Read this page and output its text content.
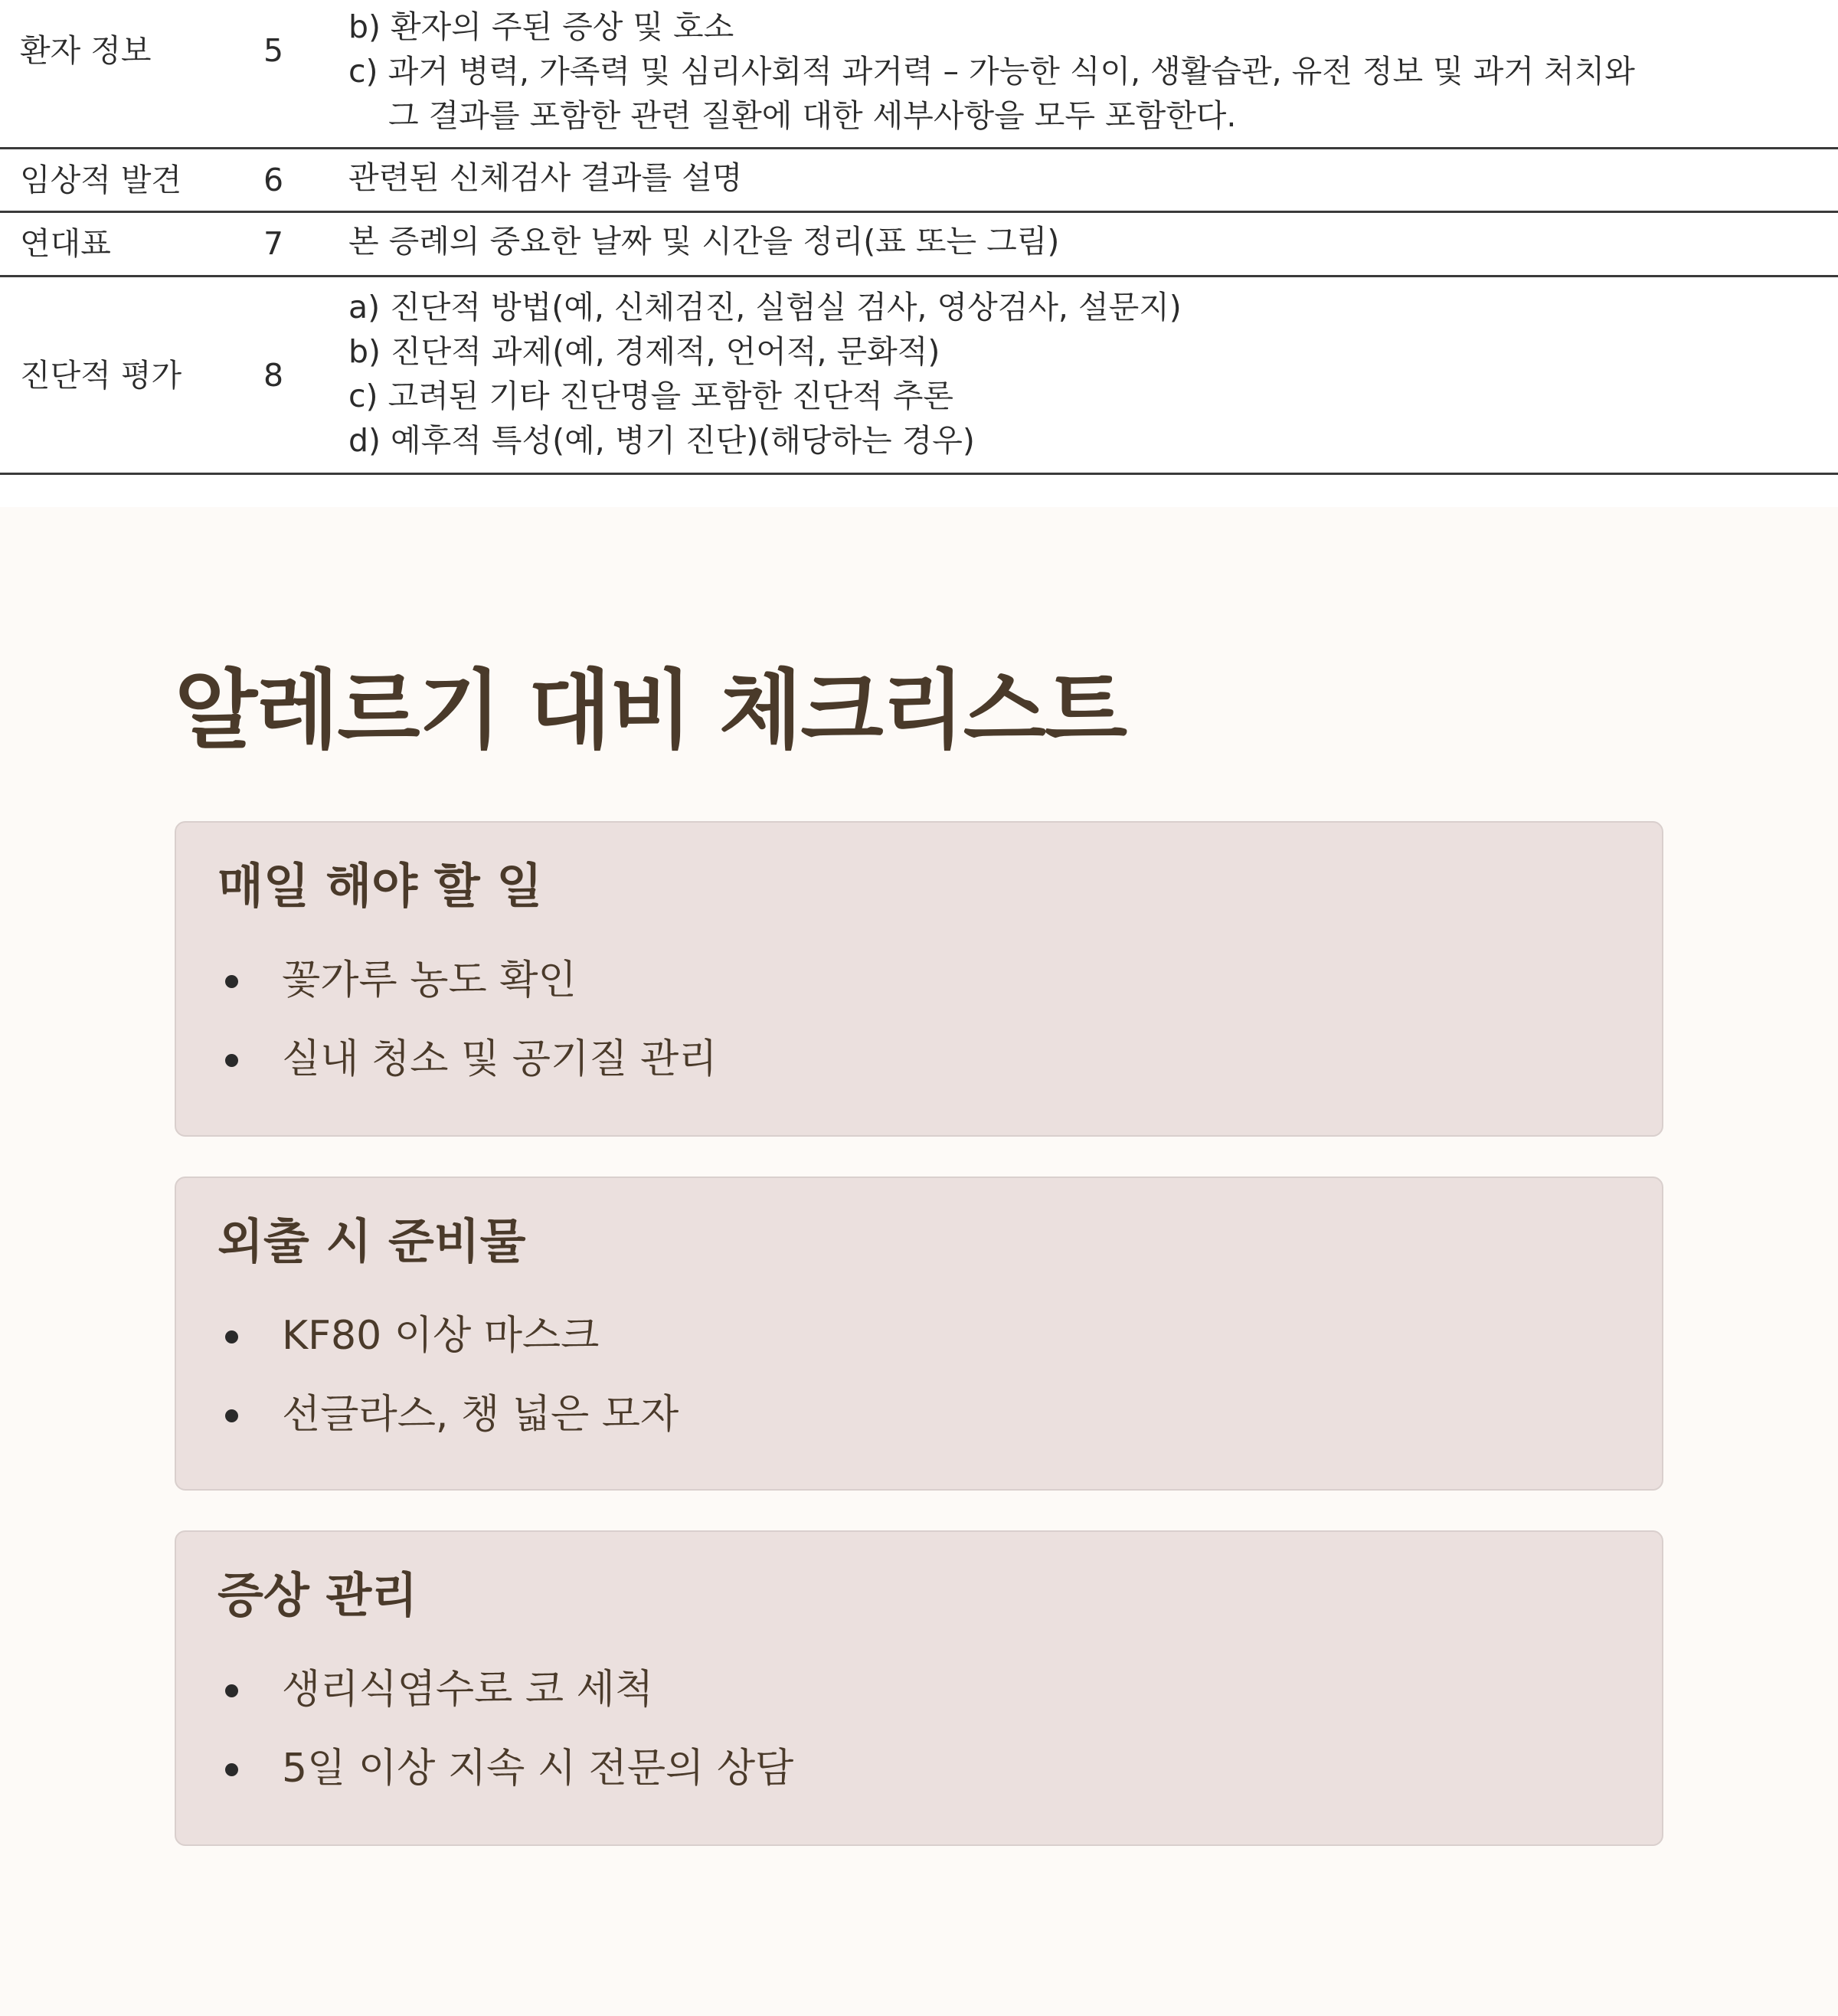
환자 정보	5
b) 환자의 주된 증상 및 호소
c) 과거 병력, 가족력 및 심리사회적 과거력 – 가능한 식이, 생활습관, 유전 정보 및 과거 처치와
그 결과를 포함한 관련 질환에 대한 세부사항을 모두 포함한다.
임상적 발견	6 관련된 신체검사 결과를 설명
연대표	7 본 증례의 중요한 날짜 및 시간을 정리(표 또는 그림)
진단적 평가	8
a) 진단적 방법(예, 신체검진, 실험실 검사, 영상검사, 설문지)
b) 진단적 과제(예, 경제적, 언어적, 문화적)
c) 고려된 기타 진단명을 포함한 진단적 추론
d) 예후적 특성(예, 병기 진단)(해당하는 경우)
알레르기 대비 체크리스트
매일 해야 할 일
꽃가루 농도 확인
실내 청소 및 공기질 관리
외출 시 준비물
KF80 이상 마스크
선글라스, 챙 넓은 모자
증상 관리
생리식염수로 코 세척
5일 이상 지속 시 전문의 상담
